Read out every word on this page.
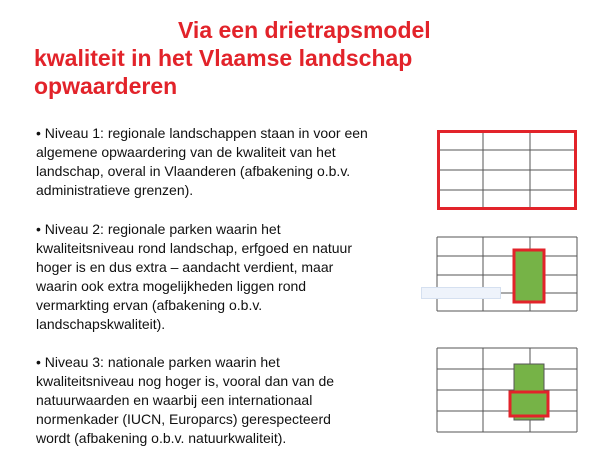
Via een drietrapsmodel
kwaliteit in het Vlaamse landschap
opwaarderen
• Niveau 1: regionale landschappen staan in voor een
algemene opwaardering van de kwaliteit van het
landschap, overal in Vlaanderen (afbakening o.b.v.
administratieve grenzen).
• Niveau 2: regionale parken waarin het
kwaliteitsniveau rond landschap, erfgoed en natuur
hoger is en dus extra – aandacht verdient, maar
waarin ook extra mogelijkheden liggen rond
vermarkting ervan (afbakening o.b.v.
landschapskwaliteit).
• Niveau 3: nationale parken waarin het
kwaliteitsniveau nog hoger is, vooral dan van de
natuurwaarden en waarbij een internationaal
normenkader (IUCN, Europarcs) gerespecteerd
wordt (afbakening o.b.v. natuurkwaliteit).
